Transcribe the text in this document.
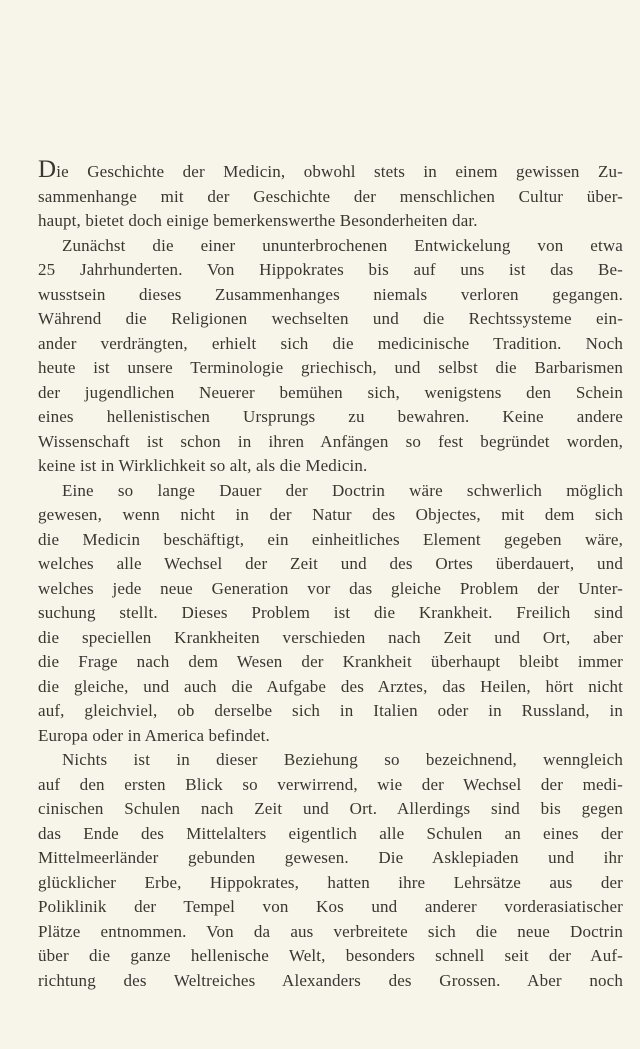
Die Geschichte der Medicin, obwohl stets in einem gewissen Zu-
sammenhange mit der Geschichte der menschlichen Cultur über-
haupt, bietet doch einige bemerkenswerthe Besonderheiten dar.
Zunächst die einer ununterbrochenen Entwickelung von etwa
25 Jahrhunderten. Von Hippokrates bis auf uns ist das Be-
wusstsein dieses Zusammenhanges niemals verloren gegangen.
Während die Religionen wechselten und die Rechtssysteme ein-
ander verdrängten, erhielt sich die medicinische Tradition. Noch
heute ist unsere Terminologie griechisch, und selbst die Barbarismen
der jugendlichen Neuerer bemühen sich, wenigstens den Schein
eines hellenistischen Ursprungs zu bewahren. Keine andere
Wissenschaft ist schon in ihren Anfängen so fest begründet worden,
keine ist in Wirklichkeit so alt, als die Medicin.
Eine so lange Dauer der Doctrin wäre schwerlich möglich
gewesen, wenn nicht in der Natur des Objectes, mit dem sich
die Medicin beschäftigt, ein einheitliches Element gegeben wäre,
welches alle Wechsel der Zeit und des Ortes überdauert, und
welches jede neue Generation vor das gleiche Problem der Unter-
suchung stellt. Dieses Problem ist die Krankheit. Freilich sind
die speciellen Krankheiten verschieden nach Zeit und Ort, aber
die Frage nach dem Wesen der Krankheit überhaupt bleibt immer
die gleiche, und auch die Aufgabe des Arztes, das Heilen, hört nicht
auf, gleichviel, ob derselbe sich in Italien oder in Russland, in
Europa oder in America befindet.
Nichts ist in dieser Beziehung so bezeichnend, wenngleich
auf den ersten Blick so verwirrend, wie der Wechsel der medi-
cinischen Schulen nach Zeit und Ort. Allerdings sind bis gegen
das Ende des Mittelalters eigentlich alle Schulen an eines der
Mittelmeerländer gebunden gewesen. Die Asklepiaden und ihr
glücklicher Erbe, Hippokrates, hatten ihre Lehrsätze aus der
Poliklinik der Tempel von Kos und anderer vorderasiatischer
Plätze entnommen. Von da aus verbreitete sich die neue Doctrin
über die ganze hellenische Welt, besonders schnell seit der Auf-
richtung des Weltreiches Alexanders des Grossen. Aber noch
